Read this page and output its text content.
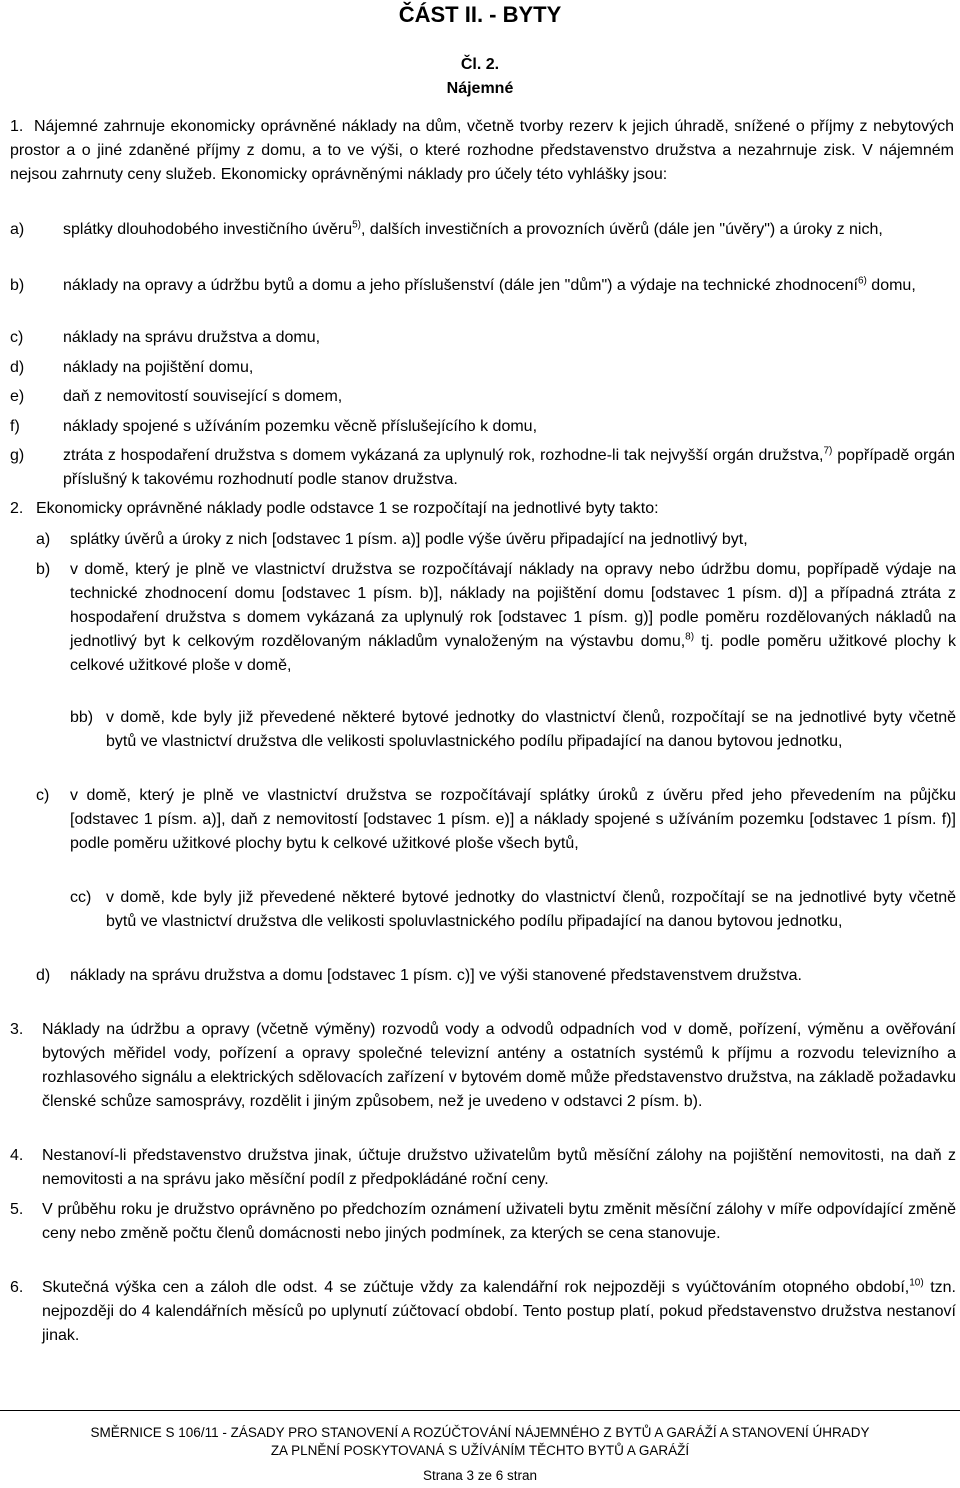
ČÁST II. - BYTY
Čl. 2.
Nájemné
1. Nájemné zahrnuje ekonomicky oprávněné náklady na dům, včetně tvorby rezerv k jejich úhradě, snížené o příjmy z nebytových prostor a o jiné zdaněné příjmy z domu, a to ve výši, o které rozhodne představenstvo družstva a nezahrnuje zisk. V nájemném nejsou zahrnuty ceny služeb. Ekonomicky oprávněnými náklady pro účely této vyhlášky jsou:
a) splátky dlouhodobého investičního úvěru$^{5)}$, dalších investičních a provozních úvěrů (dále jen "úvěry") a úroky z nich,
b) náklady na opravy a údržbu bytů a domu a jeho příslušenství (dále jen "dům") a výdaje na technické zhodnocení$^{6)}$ domu,
c) náklady na správu družstva a domu,
d) náklady na pojištění domu,
e) daň z nemovitostí související s domem,
f)	náklady spojené s užíváním pozemku věcně příslušejícího k domu,
g) ztráta z hospodaření družstva s domem vykázaná za uplynulý rok, rozhodne-li tak nejvyšší orgán družstva,$^{7)}$ popřípadě orgán příslušný k takovému rozhodnutí podle stanov družstva.
2. Ekonomicky oprávněné náklady podle odstavce 1 se rozpočítají na jednotlivé byty takto:
a) splátky úvěrů a úroky z nich [odstavec 1 písm. a)] podle výše úvěru připadající na jednotlivý byt,
b) v domě, který je plně ve vlastnictví družstva se rozpočítávají náklady na opravy nebo údržbu domu, popřípadě výdaje na technické zhodnocení domu [odstavec 1 písm. b)], náklady na pojištění domu [odstavec 1 písm. d)] a případná ztráta z hospodaření družstva s domem vykázaná za uplynulý rok [odstavec 1 písm. g)] podle poměru rozdělovaných nákladů na jednotlivý byt k celkovým rozdělovaným nákladům vynaloženým na výstavbu domu,$^{8)}$ tj. podle poměru užitkové plochy k celkové užitkové ploše v domě,
bb) v domě, kde byly již převedené některé bytové jednotky do vlastnictví členů, rozpočítají se na jednotlivé byty včetně bytů ve vlastnictví družstva dle velikosti spoluvlastnického podílu připadající na danou bytovou jednotku,
c) v domě, který je plně ve vlastnictví družstva se rozpočítávají splátky úroků z úvěru před jeho převedením na půjčku [odstavec 1 písm. a)], daň z nemovitostí [odstavec 1 písm. e)] a náklady spojené s užíváním pozemku [odstavec 1 písm. f)] podle poměru užitkové plochy bytu k celkové užitkové ploše všech bytů,
cc) v domě, kde byly již převedené některé bytové jednotky do vlastnictví členů, rozpočítají se na jednotlivé byty včetně bytů ve vlastnictví družstva dle velikosti spoluvlastnického podílu připadající na danou bytovou jednotku,
d) náklady na správu družstva a domu [odstavec 1 písm. c)] ve výši stanovené představenstvem družstva.
3. Náklady na údržbu a opravy (včetně výměny) rozvodů vody a odvodů odpadních vod v domě, pořízení, výměnu a ověřování bytových měřidel vody, pořízení a opravy společné televizní antény a ostatních systémů k příjmu a rozvodu televizního a rozhlasového signálu a elektrických sdělovacích zařízení v bytovém domě může představenstvo družstva, na základě požadavku členské schůze samosprávy, rozdělit i jiným způsobem, než je uvedeno v odstavci 2 písm. b).
4. Nestanoví-li představenstvo družstva jinak, účtuje družstvo uživatelům bytů měsíční zálohy na pojištění nemovitosti, na daň z nemovitosti a na správu jako měsíční podíl z předpokládáné roční ceny.
5. V průběhu roku je družstvo oprávněno po předchozím oznámení uživateli bytu změnit měsíční zálohy v míře odpovídající změně ceny nebo změně počtu členů domácnosti nebo jiných podmínek, za kterých se cena stanovuje.
6. Skutečná výška cen a záloh dle odst. 4 se zúčtuje vždy za kalendářní rok nejpozději s vyúčtováním otopného období,$^{10)}$ tzn. nejpozději do 4 kalendářních měsíců po uplynutí zúčtovací období. Tento postup platí, pokud představenstvo družstva nestanoví jinak.
SMĚRNICE S 106/11 - ZÁSADY PRO STANOVENÍ A ROZÚČTOVÁNÍ NÁJEMNÉHO Z BYTŮ A GARÁŽÍ A STANOVENÍ ÚHRADY
ZA PLNĚNÍ POSKYTOVANÁ S UŽÍVÁNÍM TĚCHTO BYTŮ A GARÁŽÍ
Strana 3 ze 6 stran
